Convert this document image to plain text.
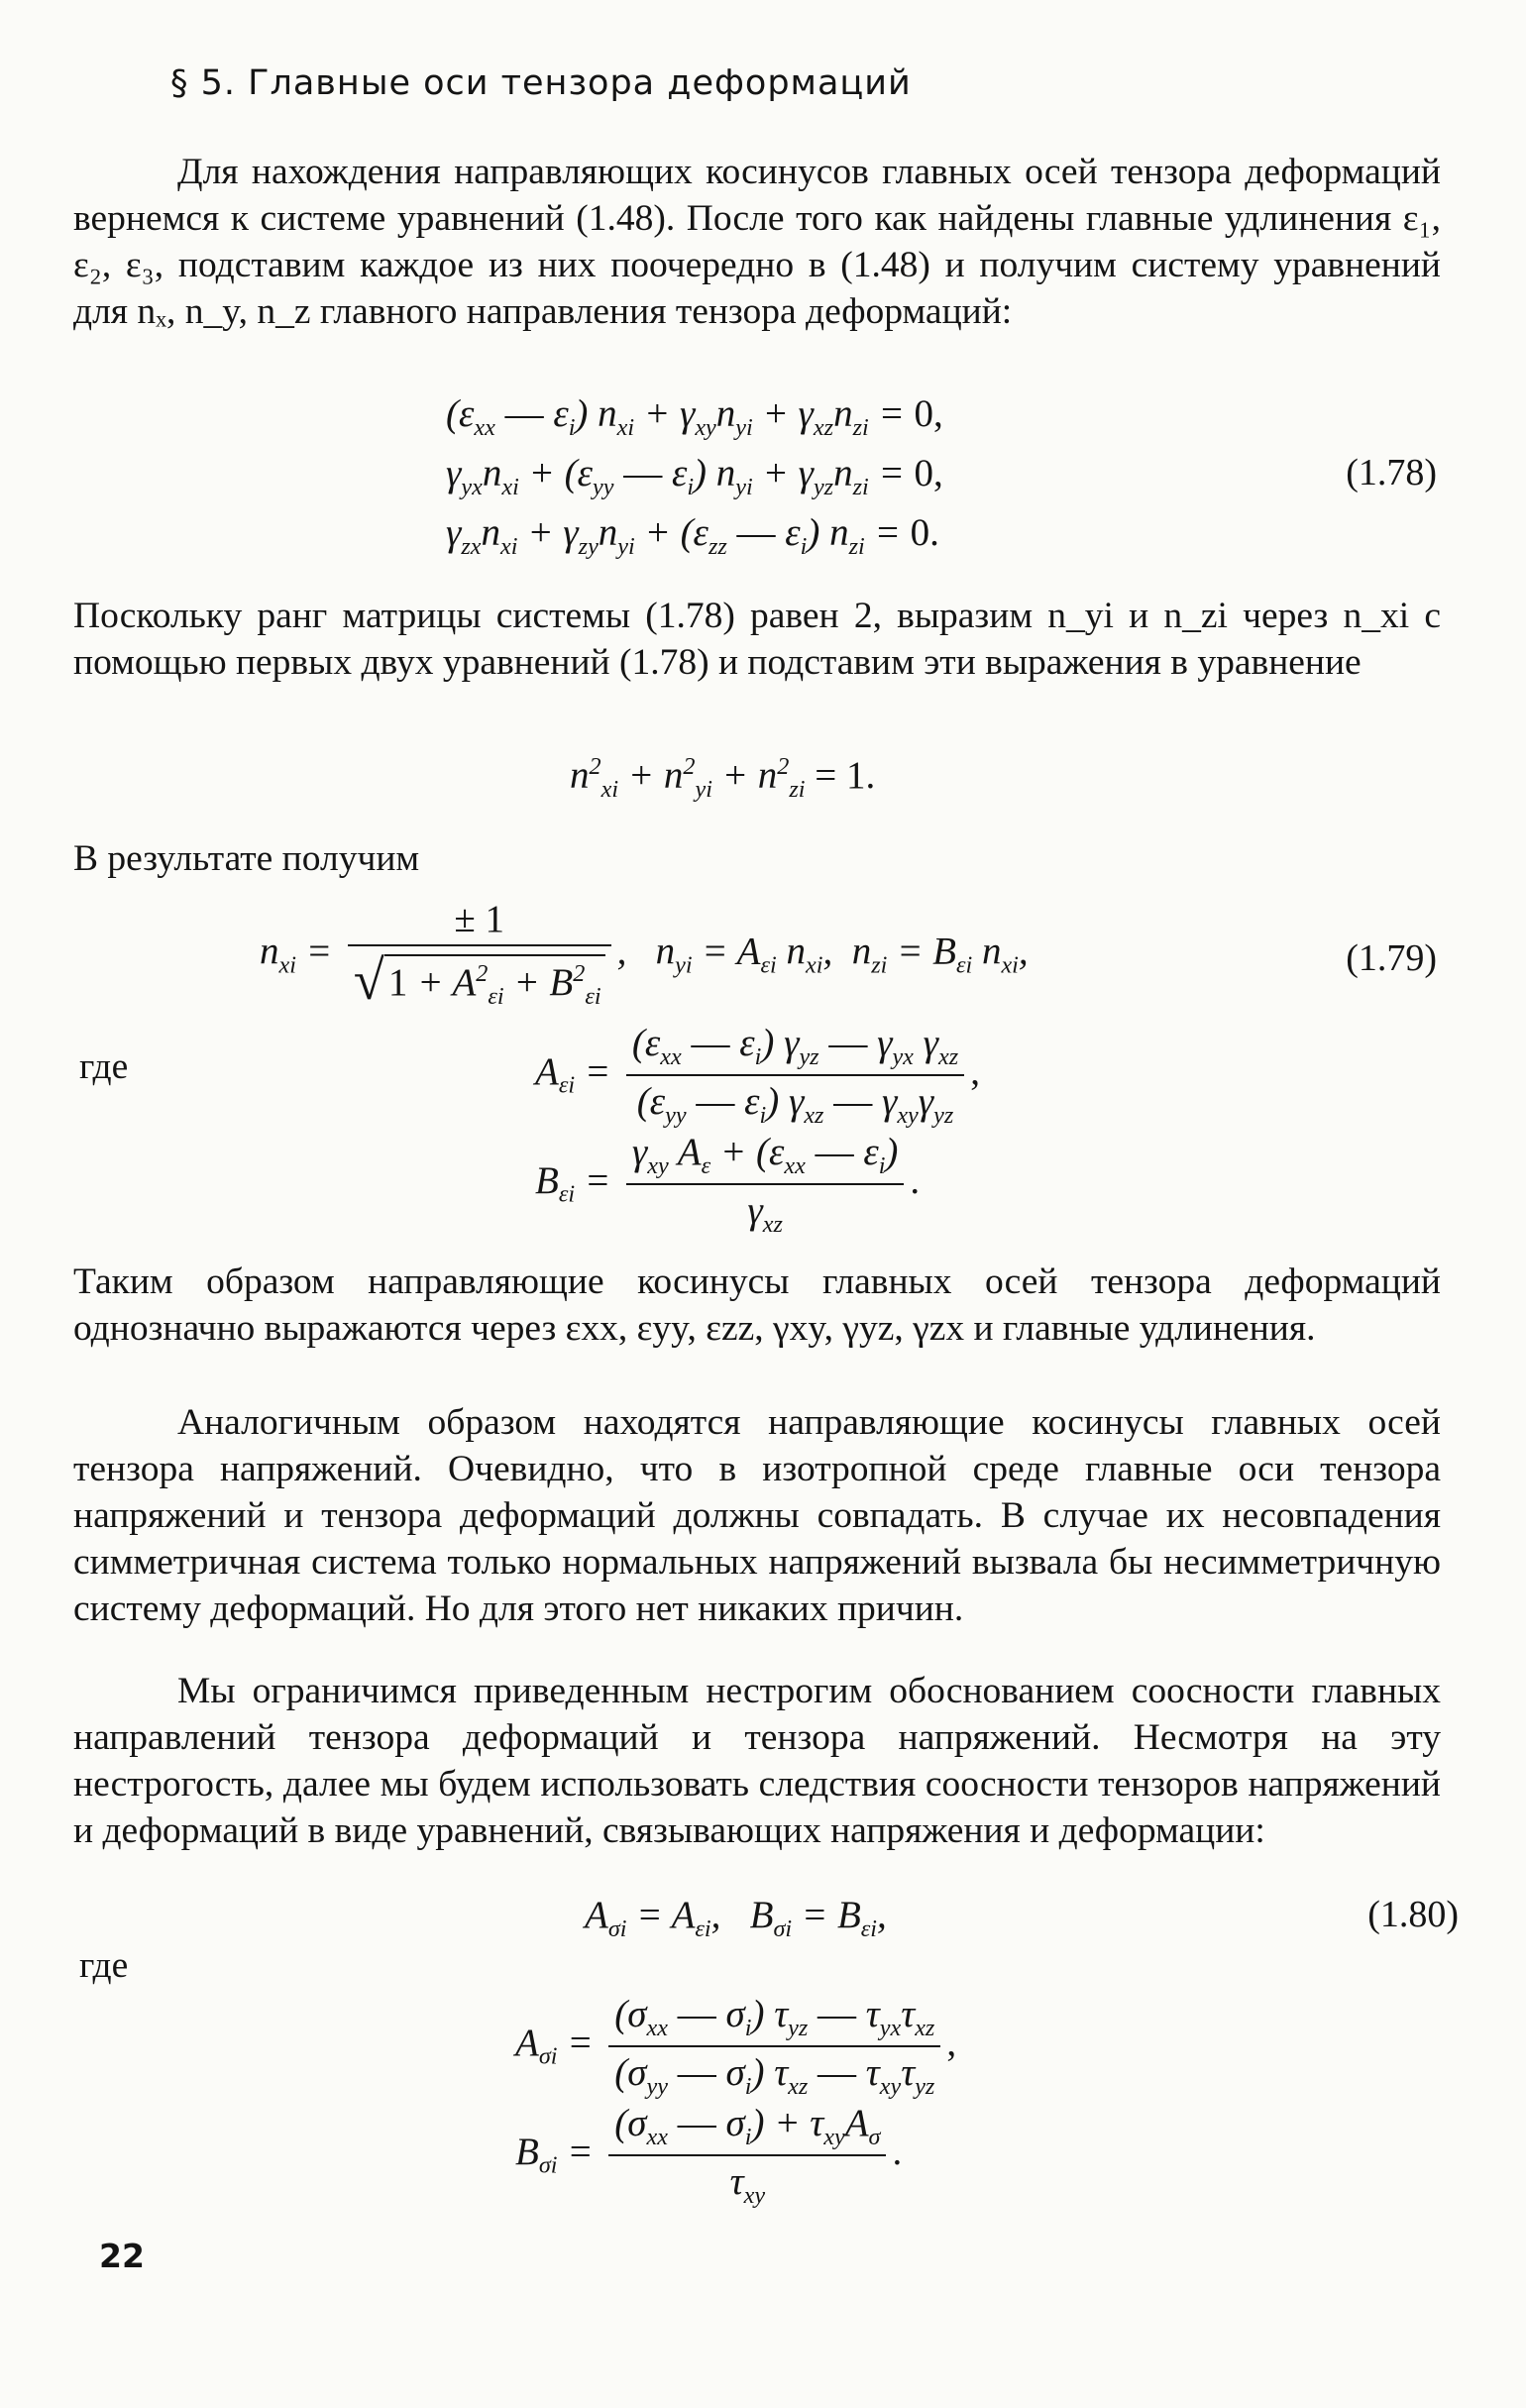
§ 5. Главные оси тензора деформаций

Для нахождения направляющих косинусов главных осей тензора деформаций вернемся к системе уравнений (1.48). После того как найдены главные удлинения ε₁, ε₂, ε₃, подставим каждое из них поочередно в (1.48) и получим систему уравнений для nₓ, n_y, n_z главного направления тензора деформаций:

($\varepsilon_{xx}$ — $\varepsilon_i$) $n_{xi} + \gamma_{xy}n_{yi} + \gamma_{xz}n_{zi} = 0$,
$\gamma_{yx}n_{xi} + (\varepsilon_{yy}$ — $\varepsilon_i$) $n_{yi} + \gamma_{yz}n_{zi} = 0$,
$\gamma_{zx}n_{xi} + \gamma_{zy}n_{yi} + (\varepsilon_{zz}$ — $\varepsilon_i$) $n_{zi} = 0$.
(1.78)

Поскольку ранг матрицы системы (1.78) равен 2, выразим n_yi и n_zi через n_xi с помощью первых двух уравнений (1.78) и подставим эти выражения в уравнение

$n^2_{xi} + n^2_{yi} + n^2_{zi} = 1$.

В результате получим

$n_{xi} = \frac{\pm 1}{√ 1 + A^2_{\varepsilon i} + B^2_{\varepsilon i}}$ ,   $n_{yi} = A_{\varepsilon i}$ $n_{xi}$,  $n_{zi} = B_{\varepsilon i}$ $n_{xi}$,	(1.79)
где	$A_{\varepsilon i} = \frac{(\varepsilon_{xx} — \varepsilon_i) \gamma_{yz} — \gamma_{yx} \gamma_{xz}}{(\varepsilon_{yy} — \varepsilon_i) \gamma_{xz} — \gamma_{xy}\gamma_{yz}}$ ,
$B_{\varepsilon i} = \frac{\gamma_{xy} A_\varepsilon + (\varepsilon_{xx} — \varepsilon_i)}{\gamma_{xz}}$ .

Таким образом направляющие косинусы главных осей тензора деформаций однозначно выражаются через εxx, εyy, εzz, γxy, γyz, γzx и главные удлинения.

Аналогичным образом находятся направляющие косинусы главных осей тензора напряжений. Очевидно, что в изотропной среде главные оси тензора напряжений и тензора деформаций должны совпадать. В случае их несовпадения симметричная система только нормальных напряжений вызвала бы несимметричную систему деформаций. Но для этого нет никаких причин.

Мы ограничимся приведенным нестрогим обоснованием соосности главных направлений тензора деформаций и тензора напряжений. Несмотря на эту нестрогость, далее мы будем использовать следствия соосности тензоров напряжений и деформаций в виде уравнений, связывающих напряжения и деформации:

$A_{\sigma i} = A_{\varepsilon i}$,   $B_{\sigma i} = B_{\varepsilon i}$,	(1.80)
где
$A_{\sigma i} = \frac{(\sigma_{xx} — \sigma_i) \tau_{yz} — \tau_{yx}\tau_{xz}}{(\sigma_{yy} — \sigma_i) \tau_{xz} — \tau_{xy}\tau_{yz}}$ ,
$B_{\sigma i} = \frac{(\sigma_{xx} — \sigma_i) + \tau_{xy}A_\sigma}{\tau_{xy}}$ .
22
